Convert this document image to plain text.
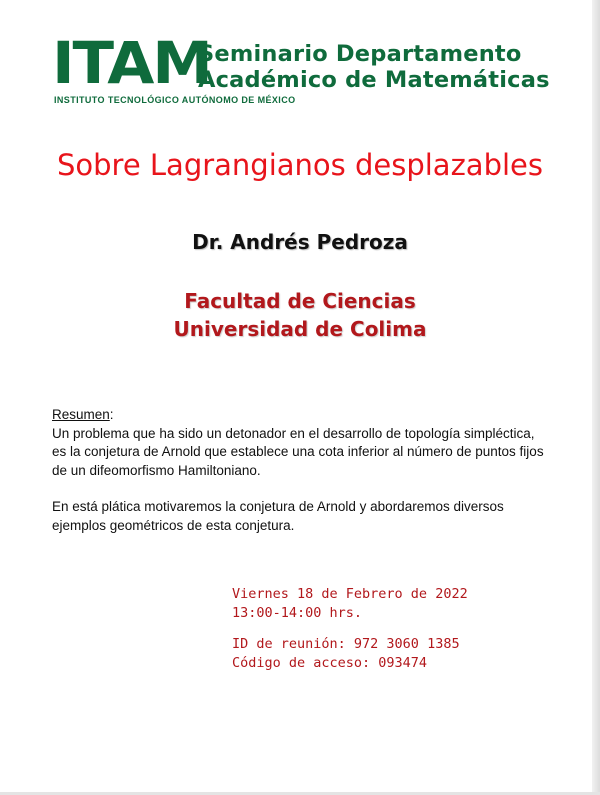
ITAM
Seminario Departamento
Académico de Matemáticas
INSTITUTO TECNOLÓGICO AUTÓNOMO DE MÉXICO
Sobre Lagrangianos desplazables
Dr. Andrés Pedroza
Facultad de Ciencias
Universidad de Colima
Resumen:
Un problema que ha sido un detonador en el desarrollo de topología simpléctica, es la conjetura de Arnold que establece una cota inferior al número de puntos fijos de un difeomorfismo Hamiltoniano.
En está plática motivaremos la conjetura de Arnold y abordaremos diversos ejemplos geométricos de esta conjetura.
Viernes 18 de Febrero de 2022
13:00-14:00 hrs.
ID de reunión: 972 3060 1385
Código de acceso: 093474
